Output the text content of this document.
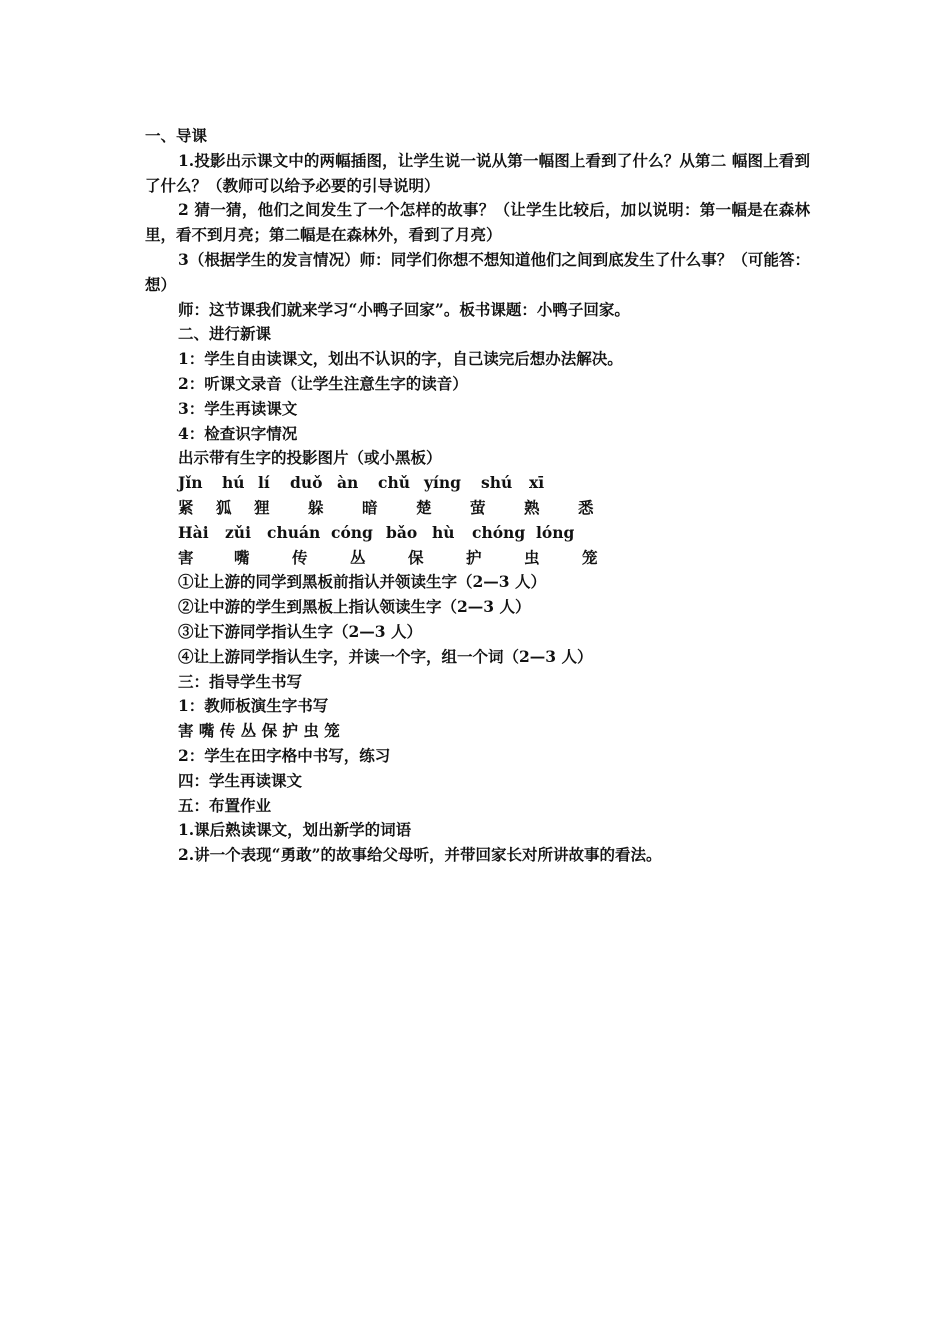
一、导课
1.投影出示课文中的两幅插图，让学生说一说从第一幅图上看到了什么？从第二 幅图上看到了什么？（教师可以给予必要的引导说明）
2 猜一猜，他们之间发生了一个怎样的故事？（让学生比较后，加以说明：第一幅是在森林里，看不到月亮；第二幅是在森林外，看到了月亮）
3（根据学生的发言情况）师：同学们你想不想知道他们之间到底发生了什么事？（可能答：想）
师：这节课我们就来学习“小鸭子回家”。板书课题：小鸭子回家。
二、进行新课
1：学生自由读课文，划出不认识的字，自己读完后想办法解决。
2：听课文录音（让学生注意生字的读音）
3：学生再读课文
4：检查识字情况
出示带有生字的投影图片（或小黑板）
Jǐn hú lí duǒ àn chǔ yíng shú xī
紧 狐 狸 躲 暗 楚 萤 熟 悉
Hài zǔi chuán cóng bǎo hù chóng lóng
害	嘴	传	丛	保	护	虫	笼
①让上游的同学到黑板前指认并领读生字（2—3 人）
②让中游的学生到黑板上指认领读生字（2—3 人）
③让下游同学指认生字（2—3 人）
④让上游同学指认生字，并读一个字，组一个词（2—3 人）
三：指导学生书写
1：教师板演生字书写
害 嘴 传 丛 保 护 虫 笼
2：学生在田字格中书写，练习
四：学生再读课文
五：布置作业
1.课后熟读课文，划出新学的词语
2.讲一个表现“勇敢”的故事给父母听，并带回家长对所讲故事的看法。
